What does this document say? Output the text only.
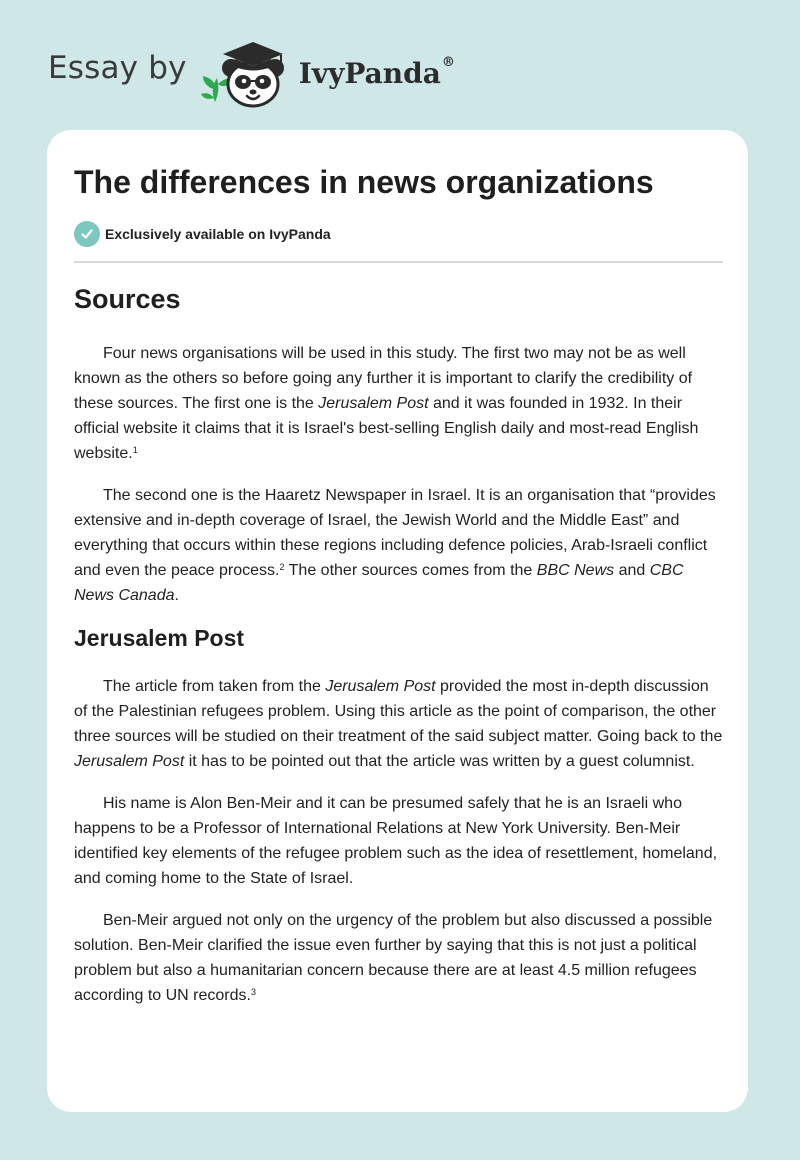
Essay by	IvyPanda®
The differences in news organizations
Exclusively available on IvyPanda
Sources

Four news organisations will be used in this study. The first two may not be as well known as the others so before going any further it is important to clarify the credibility of these sources. The first one is the Jerusalem Post and it was founded in 1932. In their official website it claims that it is Israel's best-selling English daily and most-read English website.$^1$

The second one is the Haaretz Newspaper in Israel. It is an organisation that “provides extensive and in-depth coverage of Israel, the Jewish World and the Middle East” and everything that occurs within these regions including defence policies, Arab-Israeli conflict and even the peace process.$^2$ The other sources comes from the BBC News and CBC News Canada.

Jerusalem Post

The article from taken from the Jerusalem Post provided the most in-depth discussion of the Palestinian refugees problem. Using this article as the point of comparison, the other three sources will be studied on their treatment of the said subject matter. Going back to the Jerusalem Post it has to be pointed out that the article was written by a guest columnist.

His name is Alon Ben-Meir and it can be presumed safely that he is an Israeli who happens to be a Professor of International Relations at New York University. Ben-Meir identified key elements of the refugee problem such as the idea of resettlement, homeland, and coming home to the State of Israel.

Ben-Meir argued not only on the urgency of the problem but also discussed a possible solution. Ben-Meir clarified the issue even further by saying that this is not just a political problem but also a humanitarian concern because there are at least 4.5 million refugees according to UN records.$^3$
